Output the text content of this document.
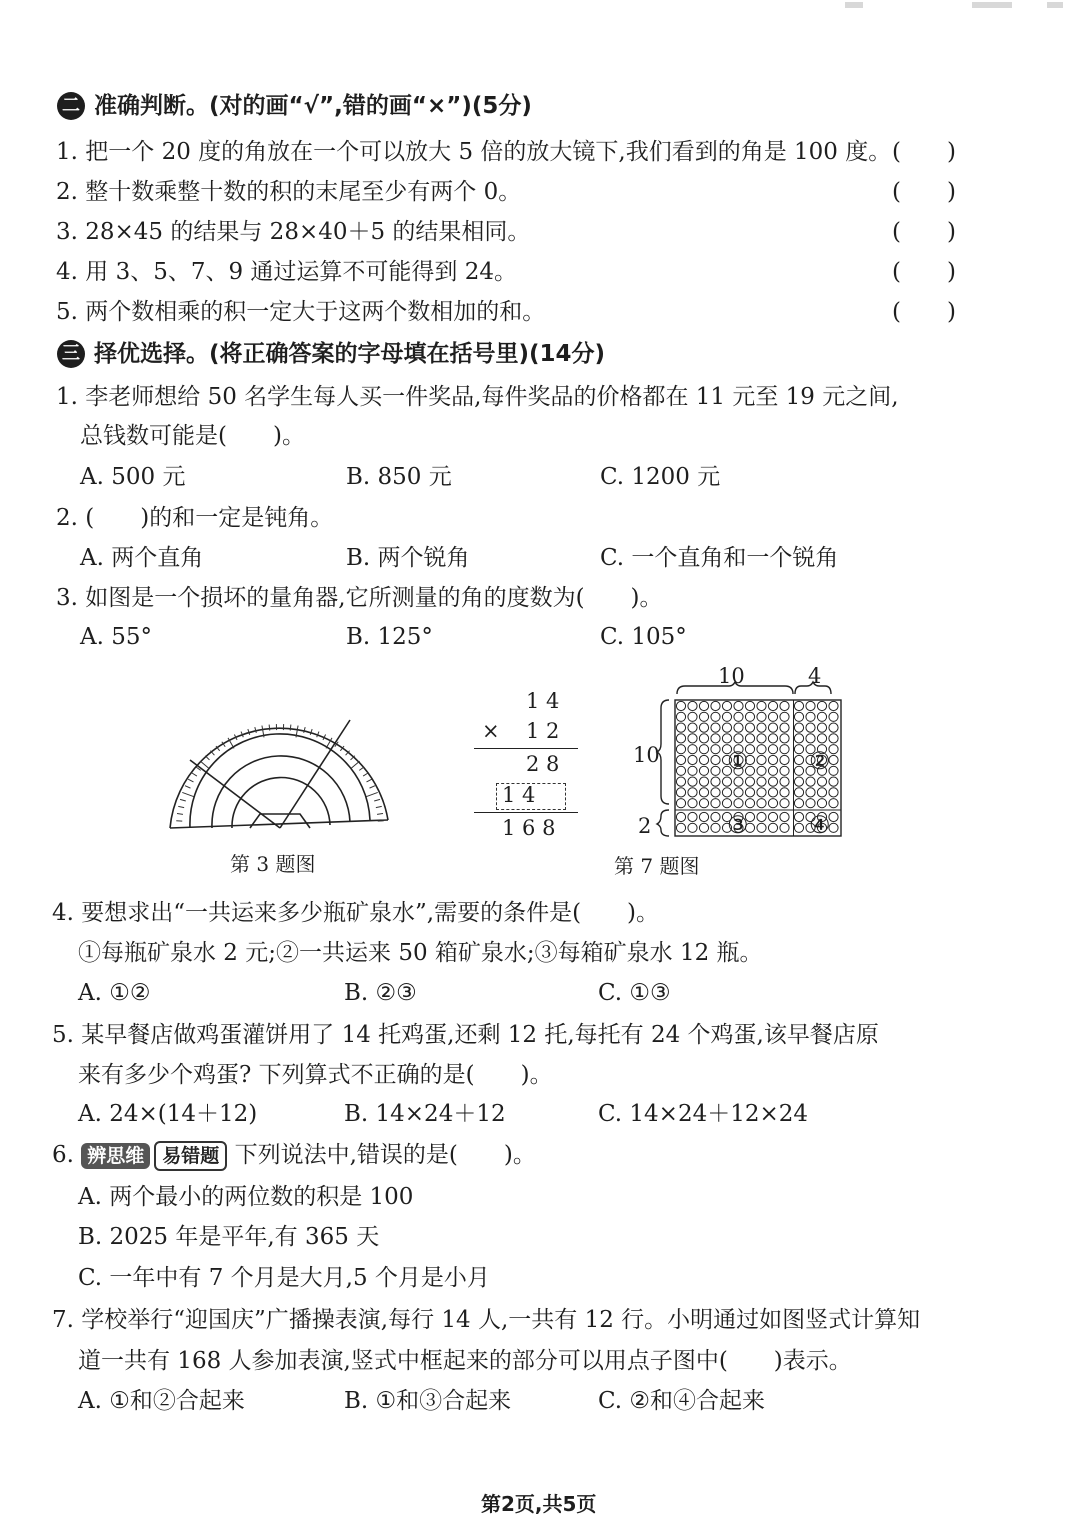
二 准确判断。(对的画“√”,错的画“×”)(5分)
1. 把一个 20 度的角放在一个可以放大 5 倍的放大镜下,我们看到的角是 100 度。 (　　)
2. 整十数乘整十数的积的末尾至少有两个 0。	(　　)
3. 28×45 的结果与 28×40＋5 的结果相同。	(　　)
4. 用 3、5、7、9 通过运算不可能得到 24。	(　　)
5. 两个数相乘的积一定大于这两个数相加的和。	(　　)
三 择优选择。(将正确答案的字母填在括号里)(14分)
1. 李老师想给 50 名学生每人买一件奖品,每件奖品的价格都在 11 元至 19 元之间,
总钱数可能是(　　)。
A. 500 元	B. 850 元	C. 1200 元
2. (　　)的和一定是钝角。
A. 两个直角	B. 两个锐角	C. 一个直角和一个锐角
3. 如图是一个损坏的量角器,它所测量的角的度数为(　　)。
A. 55°	B. 125°	C. 105°
第 3 题图
1 4
× 1 2
2 8
1 4
1 6 8
10	4
10
2
①	②
③	④
第 7 题图
4. 要想求出“一共运来多少瓶矿泉水”,需要的条件是(　　)。
①每瓶矿泉水 2 元;②一共运来 50 箱矿泉水;③每箱矿泉水 12 瓶。
A. ①②	B. ②③	C. ①③
5. 某早餐店做鸡蛋灌饼用了 14 托鸡蛋,还剩 12 托,每托有 24 个鸡蛋,该早餐店原
来有多少个鸡蛋? 下列算式不正确的是(　　)。
A. 24×(14＋12)	B. 14×24＋12	C. 14×24＋12×24
6. 辨思维 易错题 下列说法中,错误的是(　　)。
A. 两个最小的两位数的积是 100
B. 2025 年是平年,有 365 天
C. 一年中有 7 个月是大月,5 个月是小月
7. 学校举行“迎国庆”广播操表演,每行 14 人,一共有 12 行。小明通过如图竖式计算知
道一共有 168 人参加表演,竖式中框起来的部分可以用点子图中(　　)表示。
A. ①和②合起来	B. ①和③合起来	C. ②和④合起来
第2页,共5页
